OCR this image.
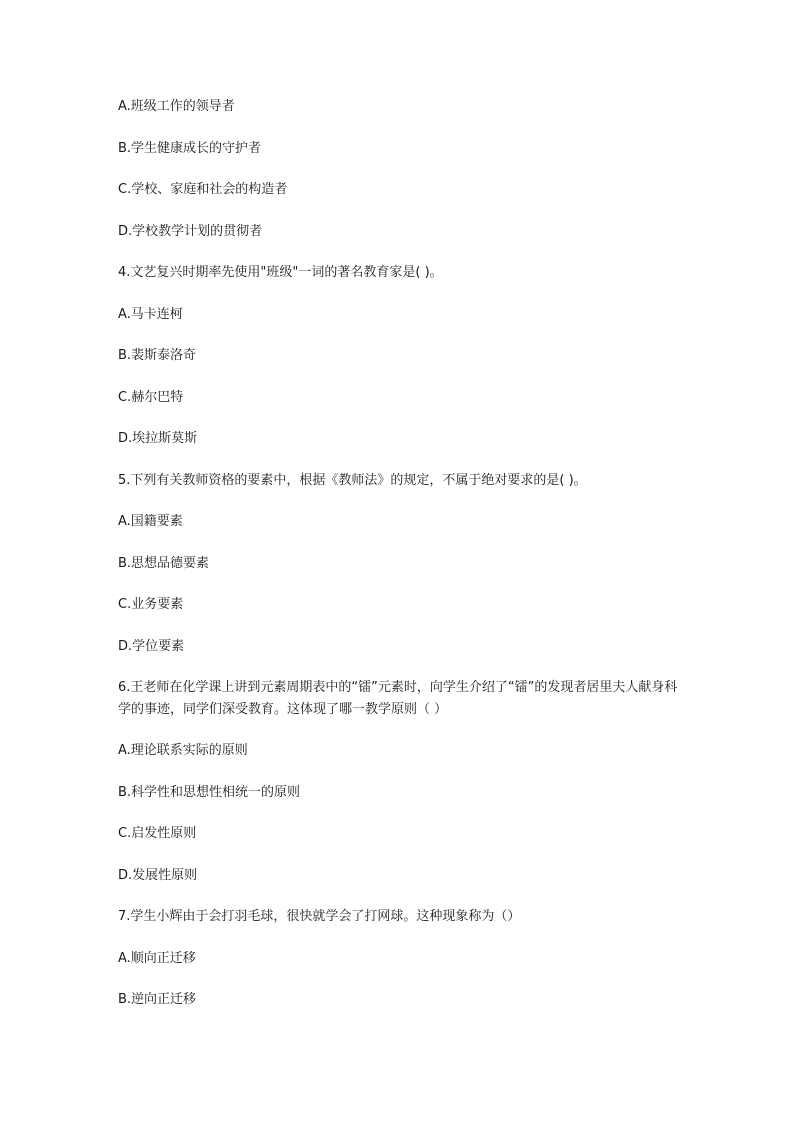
A.班级工作的领导者
B.学生健康成长的守护者
C.学校、家庭和社会的构造者
D.学校教学计划的贯彻者
4.文艺复兴时期率先使用"班级"一词的著名教育家是( )。
A.马卡连柯
B.裴斯泰洛奇
C.赫尔巴特
D.埃拉斯莫斯
5.下列有关教师资格的要素中，根据《教师法》的规定，不属于绝对要求的是( )。
A.国籍要素
B.思想品德要素
C.业务要素
D.学位要素
6.王老师在化学课上讲到元素周期表中的“镭”元素时，向学生介绍了“镭”的发现者居里夫人献身科学的事迹，同学们深受教育。这体现了哪一教学原则（ ）
A.理论联系实际的原则
B.科学性和思想性相统一的原则
C.启发性原则
D.发展性原则
7.学生小辉由于会打羽毛球，很快就学会了打网球。这种现象称为（）
A.顺向正迁移
B.逆向正迁移
